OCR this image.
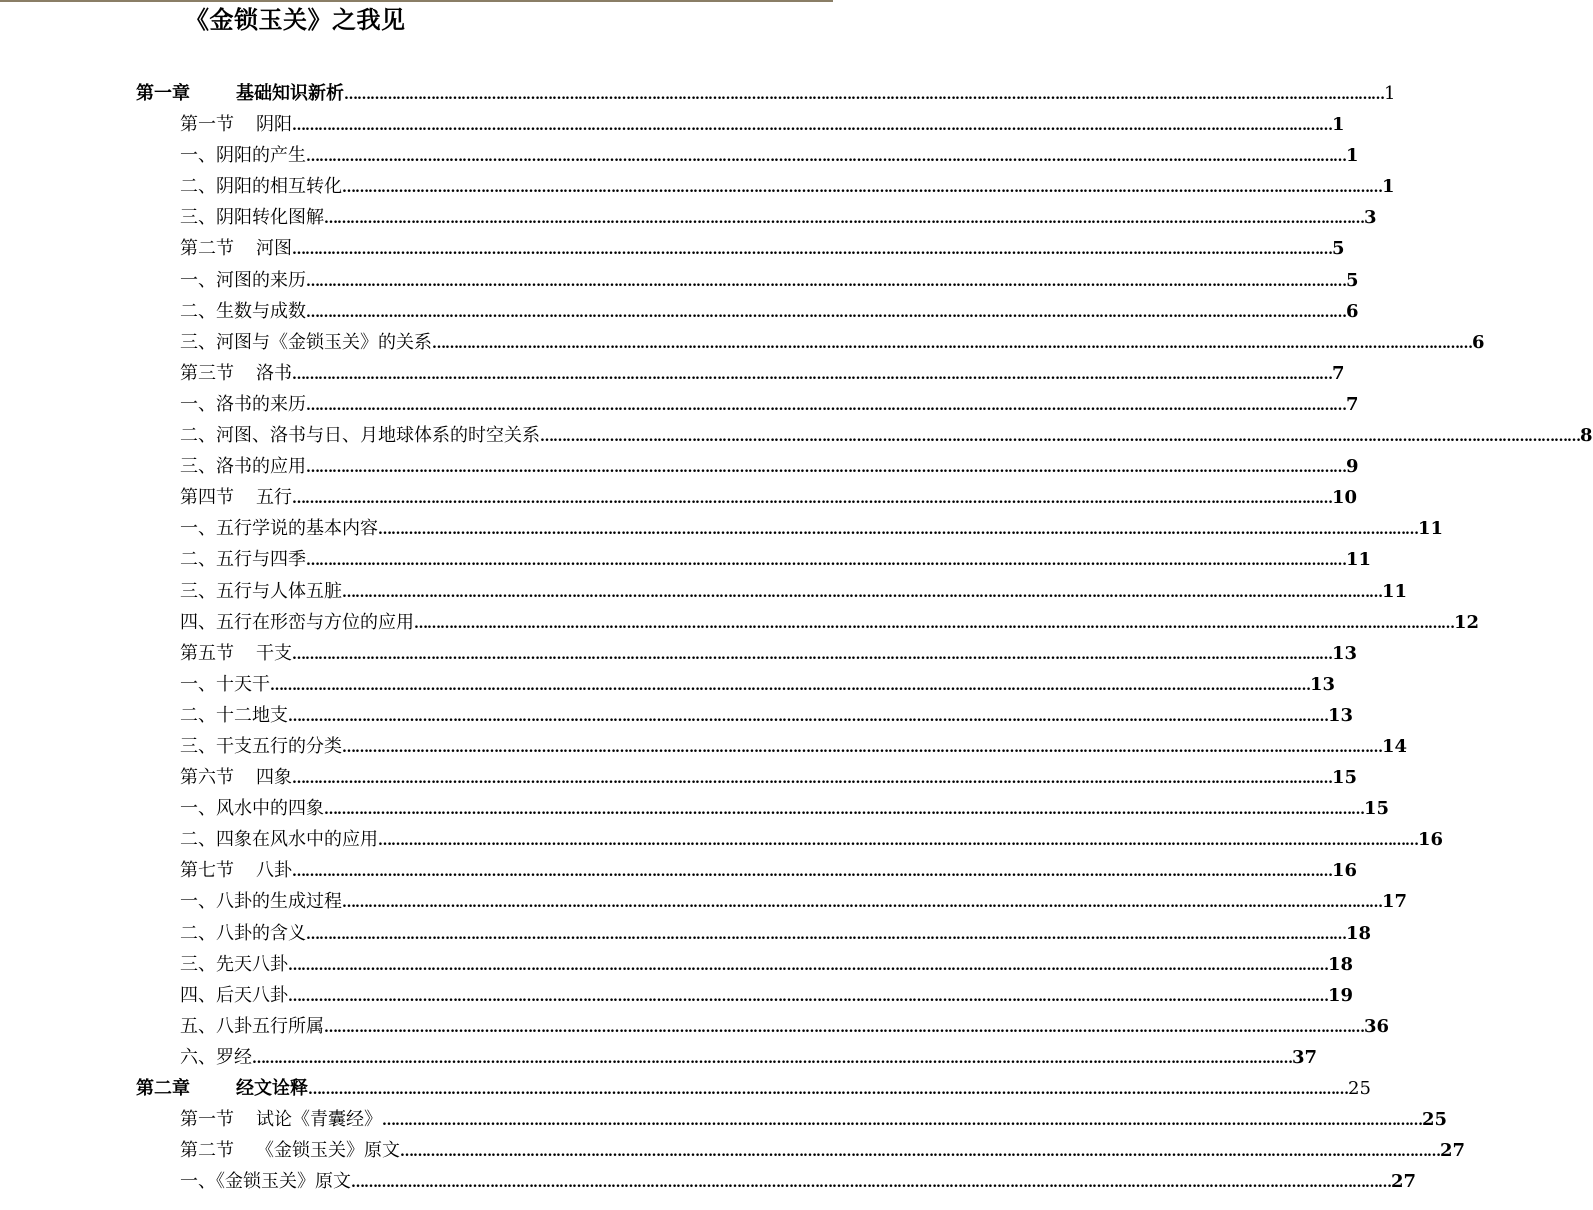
《金锁玉关》之我见
第一章	基础知识新析 …………………………………………………………………………………………………………………………………………………………………………………………………………………… 1
第一节 阴阳 …………………………………………………………………………………………………………………………………………………………………………………………………………………… 1
一、阴阳的产生 …………………………………………………………………………………………………………………………………………………………………………………………………………………… 1
二、阴阳的相互转化 …………………………………………………………………………………………………………………………………………………………………………………………………………………… 1
三、阴阳转化图解 …………………………………………………………………………………………………………………………………………………………………………………………………………………… 3
第二节 河图 …………………………………………………………………………………………………………………………………………………………………………………………………………………… 5
一、河图的来历 …………………………………………………………………………………………………………………………………………………………………………………………………………………… 5
二、生数与成数 …………………………………………………………………………………………………………………………………………………………………………………………………………………… 6
三、河图与《金锁玉关》的关系 …………………………………………………………………………………………………………………………………………………………………………………………………………………… 6
第三节 洛书 …………………………………………………………………………………………………………………………………………………………………………………………………………………… 7
一、洛书的来历 …………………………………………………………………………………………………………………………………………………………………………………………………………………… 7
二、河图、洛书与日、月地球体系的时空关系 …………………………………………………………………………………………………………………………………………………………………………………………………………………… 8
三、洛书的应用 …………………………………………………………………………………………………………………………………………………………………………………………………………………… 9
第四节 五行 …………………………………………………………………………………………………………………………………………………………………………………………………………………… 10
一、五行学说的基本内容 …………………………………………………………………………………………………………………………………………………………………………………………………………………… 11
二、五行与四季 …………………………………………………………………………………………………………………………………………………………………………………………………………………… 11
三、五行与人体五脏 …………………………………………………………………………………………………………………………………………………………………………………………………………………… 11
四、五行在形峦与方位的应用 …………………………………………………………………………………………………………………………………………………………………………………………………………………… 12
第五节 干支 …………………………………………………………………………………………………………………………………………………………………………………………………………………… 13
一、十天干 …………………………………………………………………………………………………………………………………………………………………………………………………………………… 13
二、十二地支 …………………………………………………………………………………………………………………………………………………………………………………………………………………… 13
三、干支五行的分类 …………………………………………………………………………………………………………………………………………………………………………………………………………………… 14
第六节 四象 …………………………………………………………………………………………………………………………………………………………………………………………………………………… 15
一、风水中的四象 …………………………………………………………………………………………………………………………………………………………………………………………………………………… 15
二、四象在风水中的应用 …………………………………………………………………………………………………………………………………………………………………………………………………………………… 16
第七节 八卦 …………………………………………………………………………………………………………………………………………………………………………………………………………………… 16
一、八卦的生成过程 …………………………………………………………………………………………………………………………………………………………………………………………………………………… 17
二、八卦的含义 …………………………………………………………………………………………………………………………………………………………………………………………………………………… 18
三、先天八卦 …………………………………………………………………………………………………………………………………………………………………………………………………………………… 18
四、后天八卦 …………………………………………………………………………………………………………………………………………………………………………………………………………………… 19
五、八卦五行所属 …………………………………………………………………………………………………………………………………………………………………………………………………………………… 36
六、罗经 …………………………………………………………………………………………………………………………………………………………………………………………………………………… 37
第二章	经文诠释 …………………………………………………………………………………………………………………………………………………………………………………………………………………… 25
第一节 试论《青囊经》 …………………………………………………………………………………………………………………………………………………………………………………………………………………… 25
第二节 《金锁玉关》原文 …………………………………………………………………………………………………………………………………………………………………………………………………………………… 27
一、《金锁玉关》原文 …………………………………………………………………………………………………………………………………………………………………………………………………………………… 27
